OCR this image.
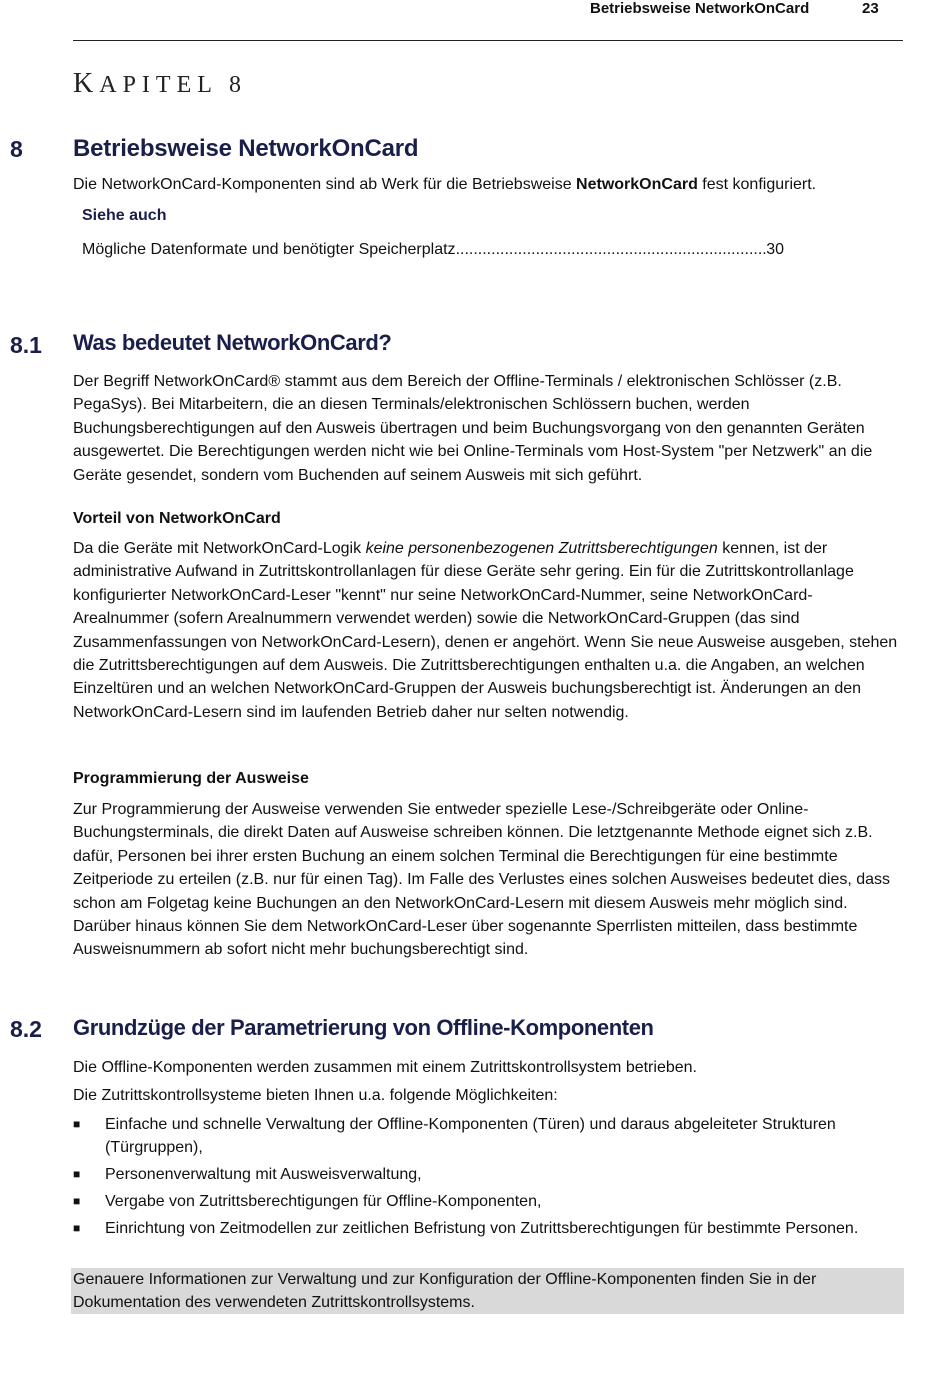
Betriebsweise NetworkOnCard	23
KAPITEL 8
8 Betriebsweise NetworkOnCard
Die NetworkOnCard-Komponenten sind ab Werk für die Betriebsweise NetworkOnCard fest konfiguriert.
Siehe auch
Mögliche Datenformate und benötigter Speicherplatz
.....	30
8.1 Was bedeutet NetworkOnCard?
Der Begriff NetworkOnCard® stammt aus dem Bereich der Offline-Terminals / elektronischen Schlösser (z.B. PegaSys). Bei Mitarbeitern, die an diesen Terminals/elektronischen Schlössern buchen, werden Buchungsberechtigungen auf den Ausweis übertragen und beim Buchungsvorgang von den genannten Geräten ausgewertet. Die Berechtigungen werden nicht wie bei Online-Terminals vom Host-System "per Netzwerk" an die Geräte gesendet, sondern vom Buchenden auf seinem Ausweis mit sich geführt.
Vorteil von NetworkOnCard
Da die Geräte mit NetworkOnCard-Logik keine personenbezogenen Zutrittsberechtigungen kennen, ist der administrative Aufwand in Zutrittskontrollanlagen für diese Geräte sehr gering. Ein für die Zutrittskontrollanlage konfigurierter NetworkOnCard-Leser "kennt" nur seine NetworkOnCard-Nummer, seine NetworkOnCard-Arealnummer (sofern Arealnummern verwendet werden) sowie die NetworkOnCard-Gruppen (das sind Zusammenfassungen von NetworkOnCard-Lesern), denen er angehört. Wenn Sie neue Ausweise ausgeben, stehen die Zutrittsberechtigungen auf dem Ausweis. Die Zutrittsberechtigungen enthalten u.a. die Angaben, an welchen Einzeltüren und an welchen NetworkOnCard-Gruppen der Ausweis buchungsberechtigt ist. Änderungen an den NetworkOnCard-Lesern sind im laufenden Betrieb daher nur selten notwendig.
Programmierung der Ausweise
Zur Programmierung der Ausweise verwenden Sie entweder spezielle Lese-/Schreibgeräte oder Online-Buchungsterminals, die direkt Daten auf Ausweise schreiben können. Die letztgenannte Methode eignet sich z.B. dafür, Personen bei ihrer ersten Buchung an einem solchen Terminal die Berechtigungen für eine bestimmte Zeitperiode zu erteilen (z.B. nur für einen Tag). Im Falle des Verlustes eines solchen Ausweises bedeutet dies, dass schon am Folgetag keine Buchungen an den NetworkOnCard-Lesern mit diesem Ausweis mehr möglich sind. Darüber hinaus können Sie dem NetworkOnCard-Leser über sogenannte Sperrlisten mitteilen, dass bestimmte Ausweisnummern ab sofort nicht mehr buchungsberechtigt sind.
8.2 Grundzüge der Parametrierung von Offline-Komponenten
Die Offline-Komponenten werden zusammen mit einem Zutrittskontrollsystem betrieben.
Die Zutrittskontrollsysteme bieten Ihnen u.a. folgende Möglichkeiten:
■ Einfache und schnelle Verwaltung der Offline-Komponenten (Türen) und daraus abgeleiteter Strukturen (Türgruppen),
■ Personenverwaltung mit Ausweisverwaltung,
■ Vergabe von Zutrittsberechtigungen für Offline-Komponenten,
■ Einrichtung von Zeitmodellen zur zeitlichen Befristung von Zutrittsberechtigungen für bestimmte Personen.
Genauere Informationen zur Verwaltung und zur Konfiguration der Offline-Komponenten finden Sie in der Dokumentation des verwendeten Zutrittskontrollsystems.
